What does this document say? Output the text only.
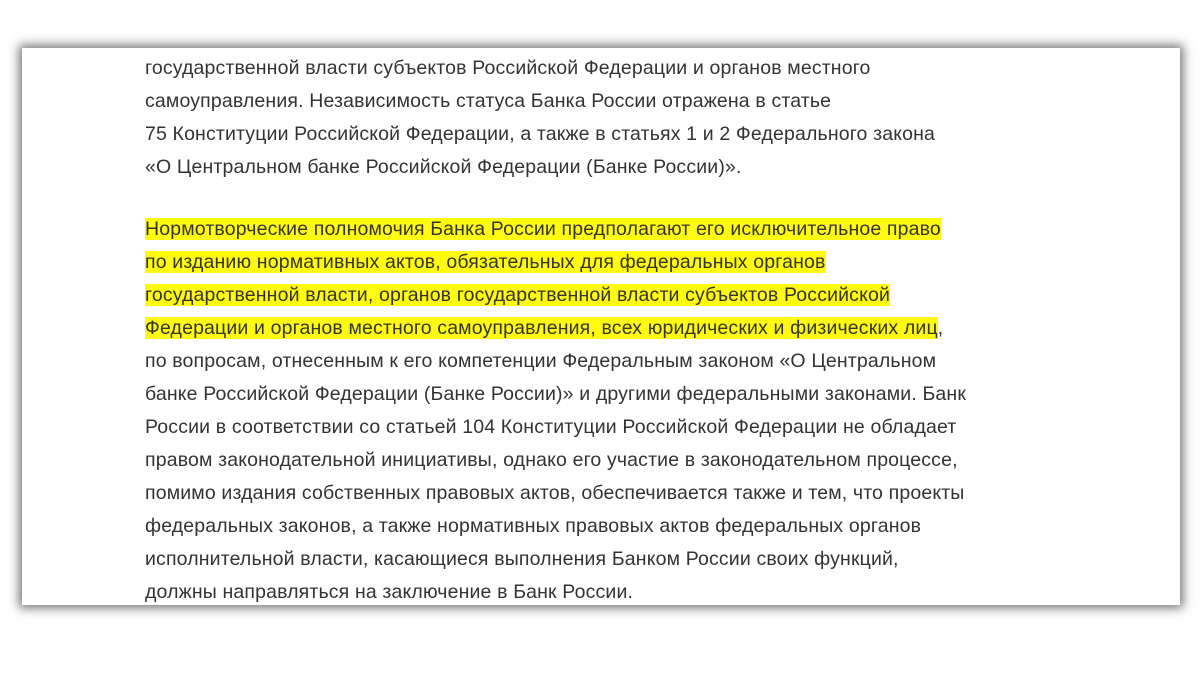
государственной власти субъектов Российской Федерации и органов местного
самоуправления. Независимость статуса Банка России отражена в статье
75 Конституции Российской Федерации, а также в статьях 1 и 2 Федерального закона
«О Центральном банке Российской Федерации (Банке России)».
Нормотворческие полномочия Банка России предполагают его исключительное право
по изданию нормативных актов, обязательных для федеральных органов
государственной власти, органов государственной власти субъектов Российской
Федерации и органов местного самоуправления, всех юридических и физических лиц,
по вопросам, отнесенным к его компетенции Федеральным законом «О Центральном
банке Российской Федерации (Банке России)» и другими федеральными законами. Банк
России в соответствии со статьей 104 Конституции Российской Федерации не обладает
правом законодательной инициативы, однако его участие в законодательном процессе,
помимо издания собственных правовых актов, обеспечивается также и тем, что проекты
федеральных законов, а также нормативных правовых актов федеральных органов
исполнительной власти, касающиеся выполнения Банком России своих функций,
должны направляться на заключение в Банк России.
